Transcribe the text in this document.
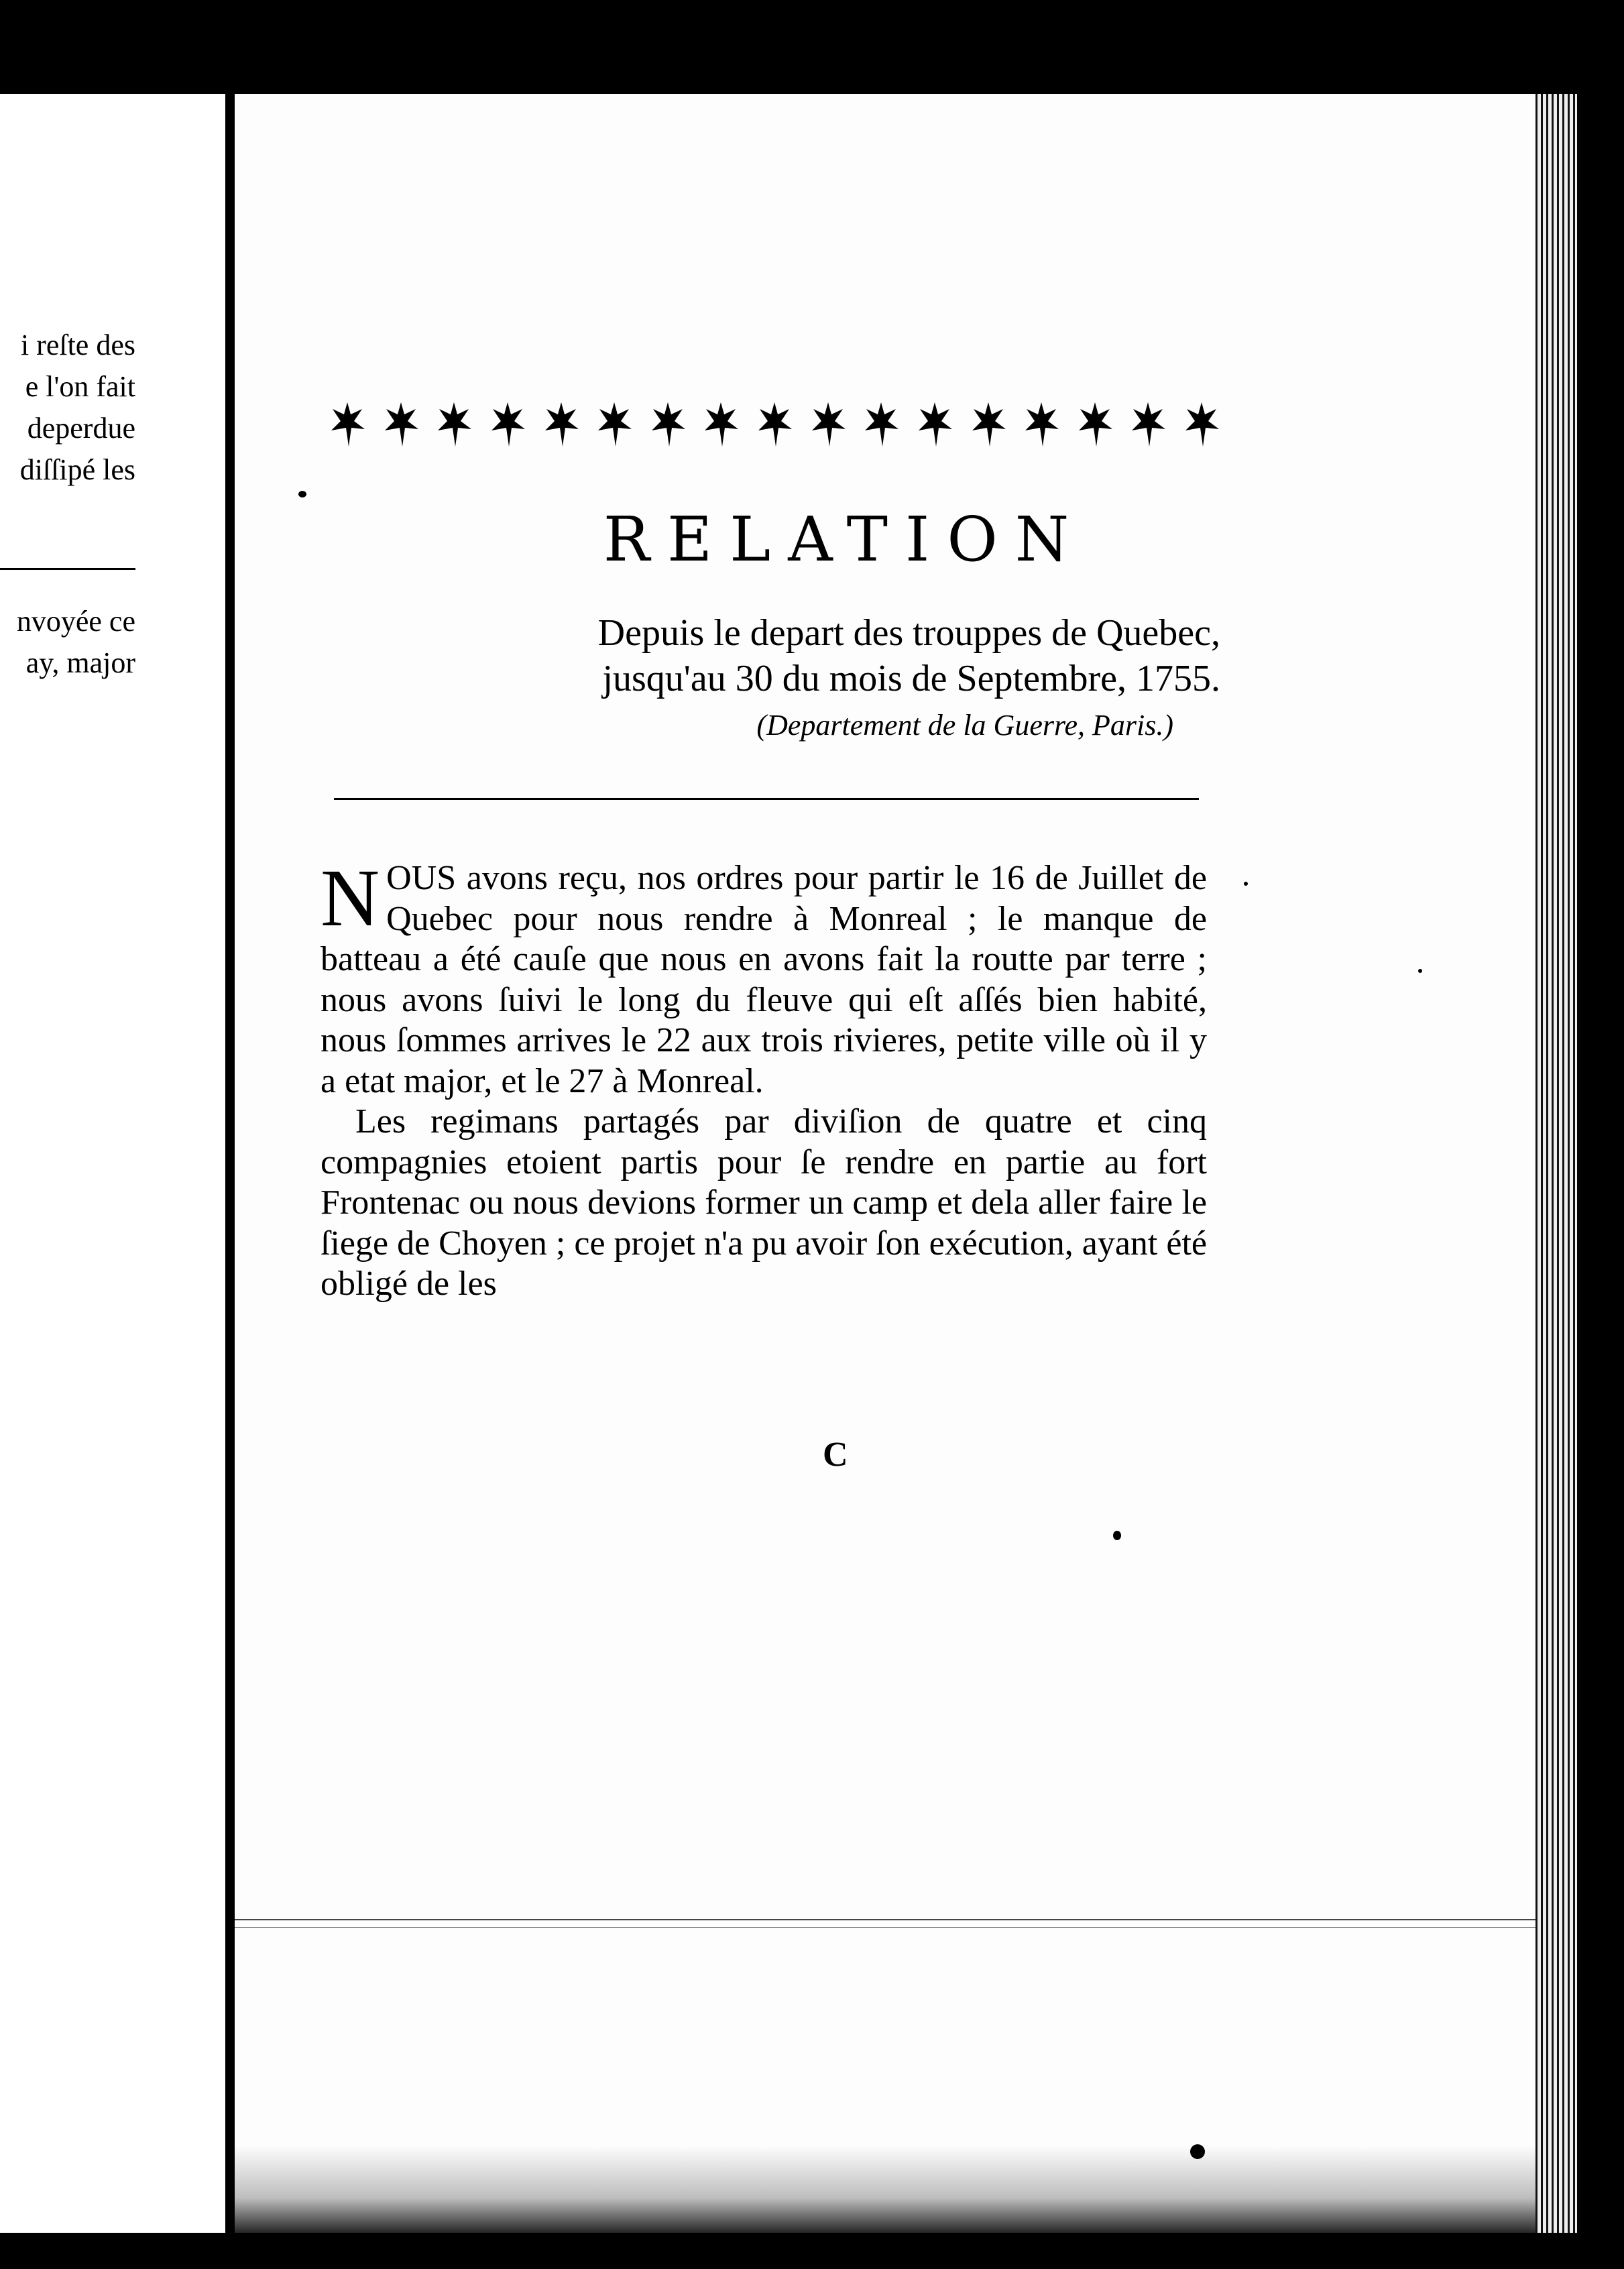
i reſte des
e l'on fait
deperdue
diſſipé les
nvoyée ce
ay, major
RELATION
Depuis le depart des trouppes de Quebec,
jusqu'au 30 du mois de Septembre, 1755.
(Departement de la Guerre, Paris.)

NOUS avons reçu, nos ordres pour partir le 16 de Juillet de Quebec pour nous rendre à Monreal ; le manque de batteau a été cauſe que nous en avons fait la routte par terre ; nous avons ſuivi le long du fleuve qui eſt aſſés bien habité, nous ſommes arrives le 22 aux trois rivieres, petite ville où il y a etat major, et le 27 à Monreal.

Les regimans partagés par diviſion de quatre et cinq compagnies etoient partis pour ſe rendre en partie au fort Frontenac ou nous devions former un camp et dela aller faire le ſiege de Choyen ; ce projet n'a pu avoir ſon exécution, ayant été obligé de les

C
